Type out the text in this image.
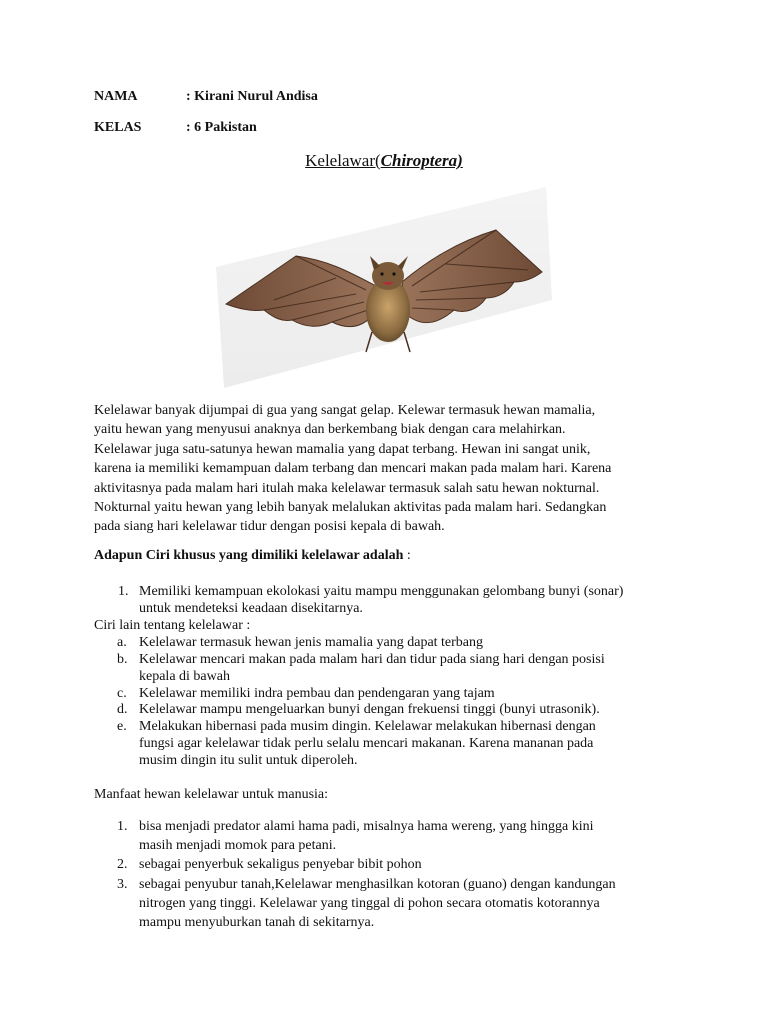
NAMA	: Kirani Nurul Andisa
KELAS	: 6 Pakistan
Kelelawar(Chiroptera)
Kelelawar banyak dijumpai di gua yang sangat gelap. Kelewar termasuk hewan mamalia,
yaitu hewan yang menyusui anaknya dan berkembang biak dengan cara melahirkan.
Kelelawar juga satu-satunya hewan mamalia yang dapat terbang. Hewan ini sangat unik,
karena ia memiliki kemampuan dalam terbang dan mencari makan pada malam hari. Karena
aktivitasnya pada malam hari itulah maka kelelawar termasuk salah satu hewan nokturnal.
Nokturnal yaitu hewan yang lebih banyak melalukan aktivitas pada malam hari. Sedangkan
pada siang hari kelelawar tidur dengan posisi kepala di bawah.
Adapun Ciri khusus yang dimiliki kelelawar adalah :
1. Memiliki kemampuan ekolokasi yaitu mampu menggunakan gelombang bunyi (sonar)
untuk mendeteksi keadaan disekitarnya.
Ciri lain tentang kelelawar :
a. Kelelawar termasuk hewan jenis mamalia yang dapat terbang
b. Kelelawar mencari makan pada malam hari dan tidur pada siang hari dengan posisi
kepala di bawah
c. Kelelawar memiliki indra pembau dan pendengaran yang tajam
d. Kelelawar mampu mengeluarkan bunyi dengan frekuensi tinggi (bunyi utrasonik).
e. Melakukan hibernasi pada musim dingin. Kelelawar melakukan hibernasi dengan
fungsi agar kelelawar tidak perlu selalu mencari makanan. Karena mananan pada
musim dingin itu sulit untuk diperoleh.
Manfaat hewan kelelawar untuk manusia:
1. bisa menjadi predator alami hama padi, misalnya hama wereng, yang hingga kini
masih menjadi momok para petani.
2. sebagai penyerbuk sekaligus penyebar bibit pohon
3. sebagai penyubur tanah,Kelelawar menghasilkan kotoran (guano) dengan kandungan
nitrogen yang tinggi. Kelelawar yang tinggal di pohon secara otomatis kotorannya
mampu menyuburkan tanah di sekitarnya.
